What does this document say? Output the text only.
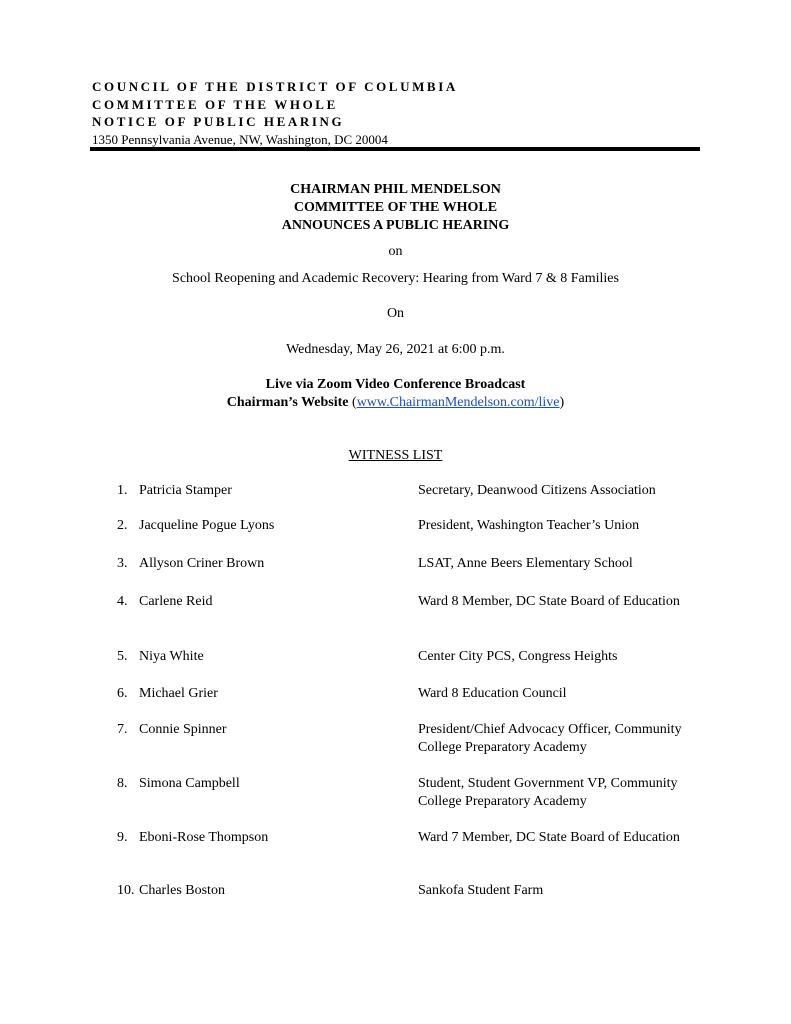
COUNCIL OF THE DISTRICT OF COLUMBIA
COMMITTEE OF THE WHOLE
NOTICE OF PUBLIC HEARING
1350 Pennsylvania Avenue, NW, Washington, DC 20004
CHAIRMAN PHIL MENDELSON
COMMITTEE OF THE WHOLE
ANNOUNCES A PUBLIC HEARING
on
School Reopening and Academic Recovery: Hearing from Ward 7 & 8 Families
On
Wednesday, May 26, 2021 at 6:00 p.m.
Live via Zoom Video Conference Broadcast
Chairman’s Website (www.ChairmanMendelson.com/live)
WITNESS LIST
1. Patricia Stamper	Secretary, Deanwood Citizens Association
2. Jacqueline Pogue Lyons	President, Washington Teacher’s Union
3. Allyson Criner Brown	LSAT, Anne Beers Elementary School
4. Carlene Reid	Ward 8 Member, DC State Board of Education
5. Niya White	Center City PCS, Congress Heights
6. Michael Grier	Ward 8 Education Council
7. Connie Spinner	President/Chief Advocacy Officer, Community College Preparatory Academy
8. Simona Campbell	Student, Student Government VP, Community College Preparatory Academy
9. Eboni-Rose Thompson	Ward 7 Member, DC State Board of Education
10. Charles Boston	Sankofa Student Farm
